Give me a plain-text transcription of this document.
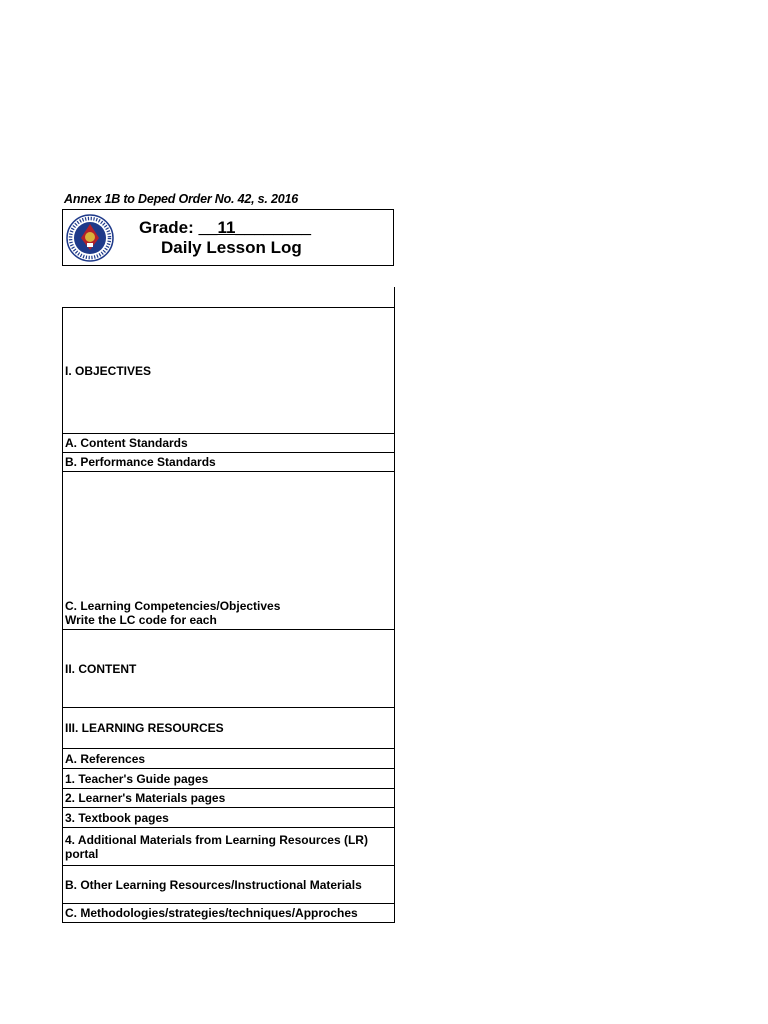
Annex 1B to Deped Order No. 42, s. 2016
Grade: __11________
Daily Lesson Log
I. OBJECTIVES
A. Content Standards
B. Performance Standards
C. Learning Competencies/Objectives
Write the LC code for each
II. CONTENT
III. LEARNING RESOURCES
A. References
1. Teacher's Guide pages
2. Learner's Materials pages
3. Textbook pages
4. Additional Materials from Learning Resources (LR) portal
B. Other Learning Resources/Instructional Materials
C. Methodologies/strategies/techniques/Approches
